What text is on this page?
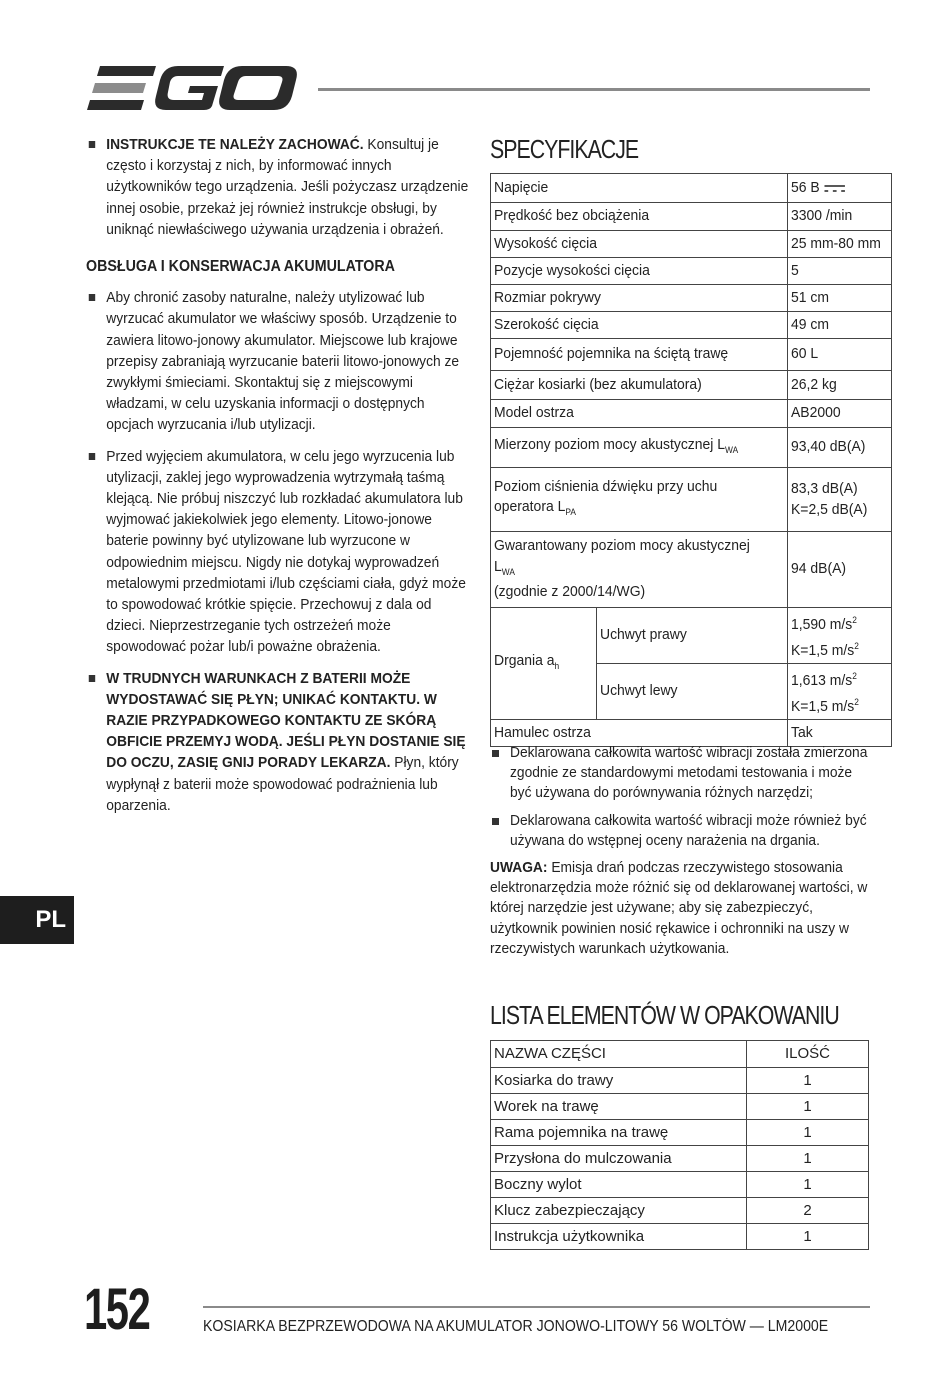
INSTRUKCJE TE NALEŻY ZACHOWAĆ. Konsultuj je często i korzystaj z nich, by informować innych użytkowników tego urządzenia. Jeśli pożyczasz urządzenie innej osobie, przekaż jej również instrukcje obsługi, by uniknąć niewłaściwego używania urządzenia i obrażeń.
OBSŁUGA I KONSERWACJA AKUMULATORA
Aby chronić zasoby naturalne, należy utylizować lub wyrzucać akumulator we właściwy sposób. Urządzenie to zawiera litowo-jonowy akumulator. Miejscowe lub krajowe przepisy zabraniają wyrzucanie baterii litowo-jonowych ze zwykłymi śmieciami. Skontaktuj się z miejscowymi władzami, w celu uzyskania informacji o dostępnych opcjach wyrzucania i/lub utylizacji.
Przed wyjęciem akumulatora, w celu jego wyrzucenia lub utylizacji, zaklej jego wyprowadzenia wytrzymałą taśmą klejącą. Nie próbuj niszczyć lub rozkładać akumulatora lub wyjmować jakiekolwiek jego elementy. Litowo-jonowe baterie powinny być utylizowane lub wyrzucone w odpowiednim miejscu. Nigdy nie dotykaj wyprowadzeń metalowymi przedmiotami i/lub częściami ciała, gdyż może to spowodować krótkie spięcie. Przechowuj z dala od dzieci. Nieprzestrzeganie tych ostrzeżeń może spowodować pożar lub/i poważne obrażenia.
W TRUDNYCH WARUNKACH Z BATERII MOŻE WYDOSTAWAĆ SIĘ PŁYN; UNIKAĆ KONTAKTU. W RAZIE PRZYPADKOWEGO KONTAKTU ZE SKÓRĄ OBFICIE PRZEMYJ WODĄ. JEŚLI PŁYN DOSTANIE SIĘ DO OCZU, ZASIĘ GNIJ PORADY LEKARZA. Płyn, który wypłynął z baterii może spowodować podrażnienia lub oparzenia.
SPECYFIKACJE
Napięcie		56 B
Prędkość bez obciążenia		3300 /min
Wysokość cięcia		25 mm-80 mm
Pozycje wysokości cięcia		5
Rozmiar pokrywy		51 cm
Szerokość cięcia		49 cm
Pojemność pojemnika na ściętą trawę		60 L
Ciężar kosiarki (bez akumulatora)		26,2 kg
Model ostrza		AB2000
Mierzony poziom mocy akustycznej $L_{WA}$		93,40 dB(A)
Poziom ciśnienia dźwięku przy uchu operatora $L_{PA}$		83,3 dB(A)
K=2,5 dB(A)
Gwarantowany poziom mocy akustycznej $L_{WA}$
(zgodnie z 2000/14/WG)		94 dB(A)
Drgania $a_h$	Uchwyt prawy	1,590 $m/s^2$
K=1,5 $m/s^2$
	Uchwyt lewy	1,613 $m/s^2$
K=1,5 $m/s^2$
Hamulec ostrza		Tak
Deklarowana całkowita wartość wibracji została zmierzona zgodnie ze standardowymi metodami testowania i może być używana do porównywania różnych narzędzi;
Deklarowana całkowita wartość wibracji może również być używana do wstępnej oceny narażenia na drgania.
UWAGA: Emisja drań podczas rzeczywistego stosowania elektronarzędzia może różnić się od deklarowanej wartości, w której narzędzie jest używane; aby się zabezpieczyć, użytkownik powinien nosić rękawice i ochronniki na uszy w rzeczywistych warunkach użytkowania.
LISTA ELEMENTÓW W OPAKOWANIU
NAZWA CZĘŚCI	ILOŚĆ
Kosiarka do trawy	1
Worek na trawę	1
Rama pojemnika na trawę	1
Przysłona do mulczowania	1
Boczny wylot	1
Klucz zabezpieczający	2
Instrukcja użytkownika	1
PL
152	KOSIARKA BEZPRZEWODOWA NA AKUMULATOR JONOWO-LITOWY 56 WOLTÓW — LM2000E
